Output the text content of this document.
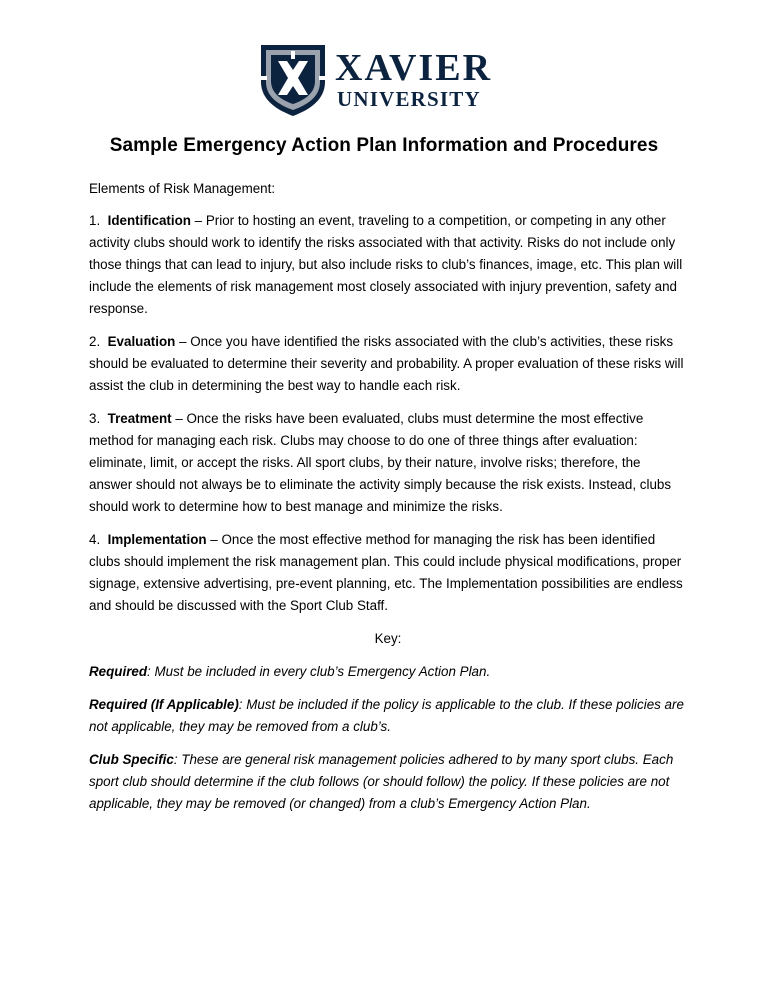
XAVIER
UNIVERSITY
Sample Emergency Action Plan Information and Procedures

Elements of Risk Management:

1. Identification – Prior to hosting an event, traveling to a competition, or competing in any other activity clubs should work to identify the risks associated with that activity. Risks do not include only those things that can lead to injury, but also include risks to club’s finances, image, etc. This plan will include the elements of risk management most closely associated with injury prevention, safety and response.

2. Evaluation – Once you have identified the risks associated with the club’s activities, these risks should be evaluated to determine their severity and probability. A proper evaluation of these risks will assist the club in determining the best way to handle each risk.

3. Treatment – Once the risks have been evaluated, clubs must determine the most effective method for managing each risk. Clubs may choose to do one of three things after evaluation: eliminate, limit, or accept the risks. All sport clubs, by their nature, involve risks; therefore, the answer should not always be to eliminate the activity simply because the risk exists. Instead, clubs should work to determine how to best manage and minimize the risks.

4. Implementation – Once the most effective method for managing the risk has been identified clubs should implement the risk management plan. This could include physical modifications, proper signage, extensive advertising, pre-event planning, etc. The Implementation possibilities are endless and should be discussed with the Sport Club Staff.

Key:

Required: Must be included in every club’s Emergency Action Plan.

Required (If Applicable): Must be included if the policy is applicable to the club. If these policies are not applicable, they may be removed from a club’s.

Club Specific: These are general risk management policies adhered to by many sport clubs. Each sport club should determine if the club follows (or should follow) the policy. If these policies are not applicable, they may be removed (or changed) from a club’s Emergency Action Plan.
